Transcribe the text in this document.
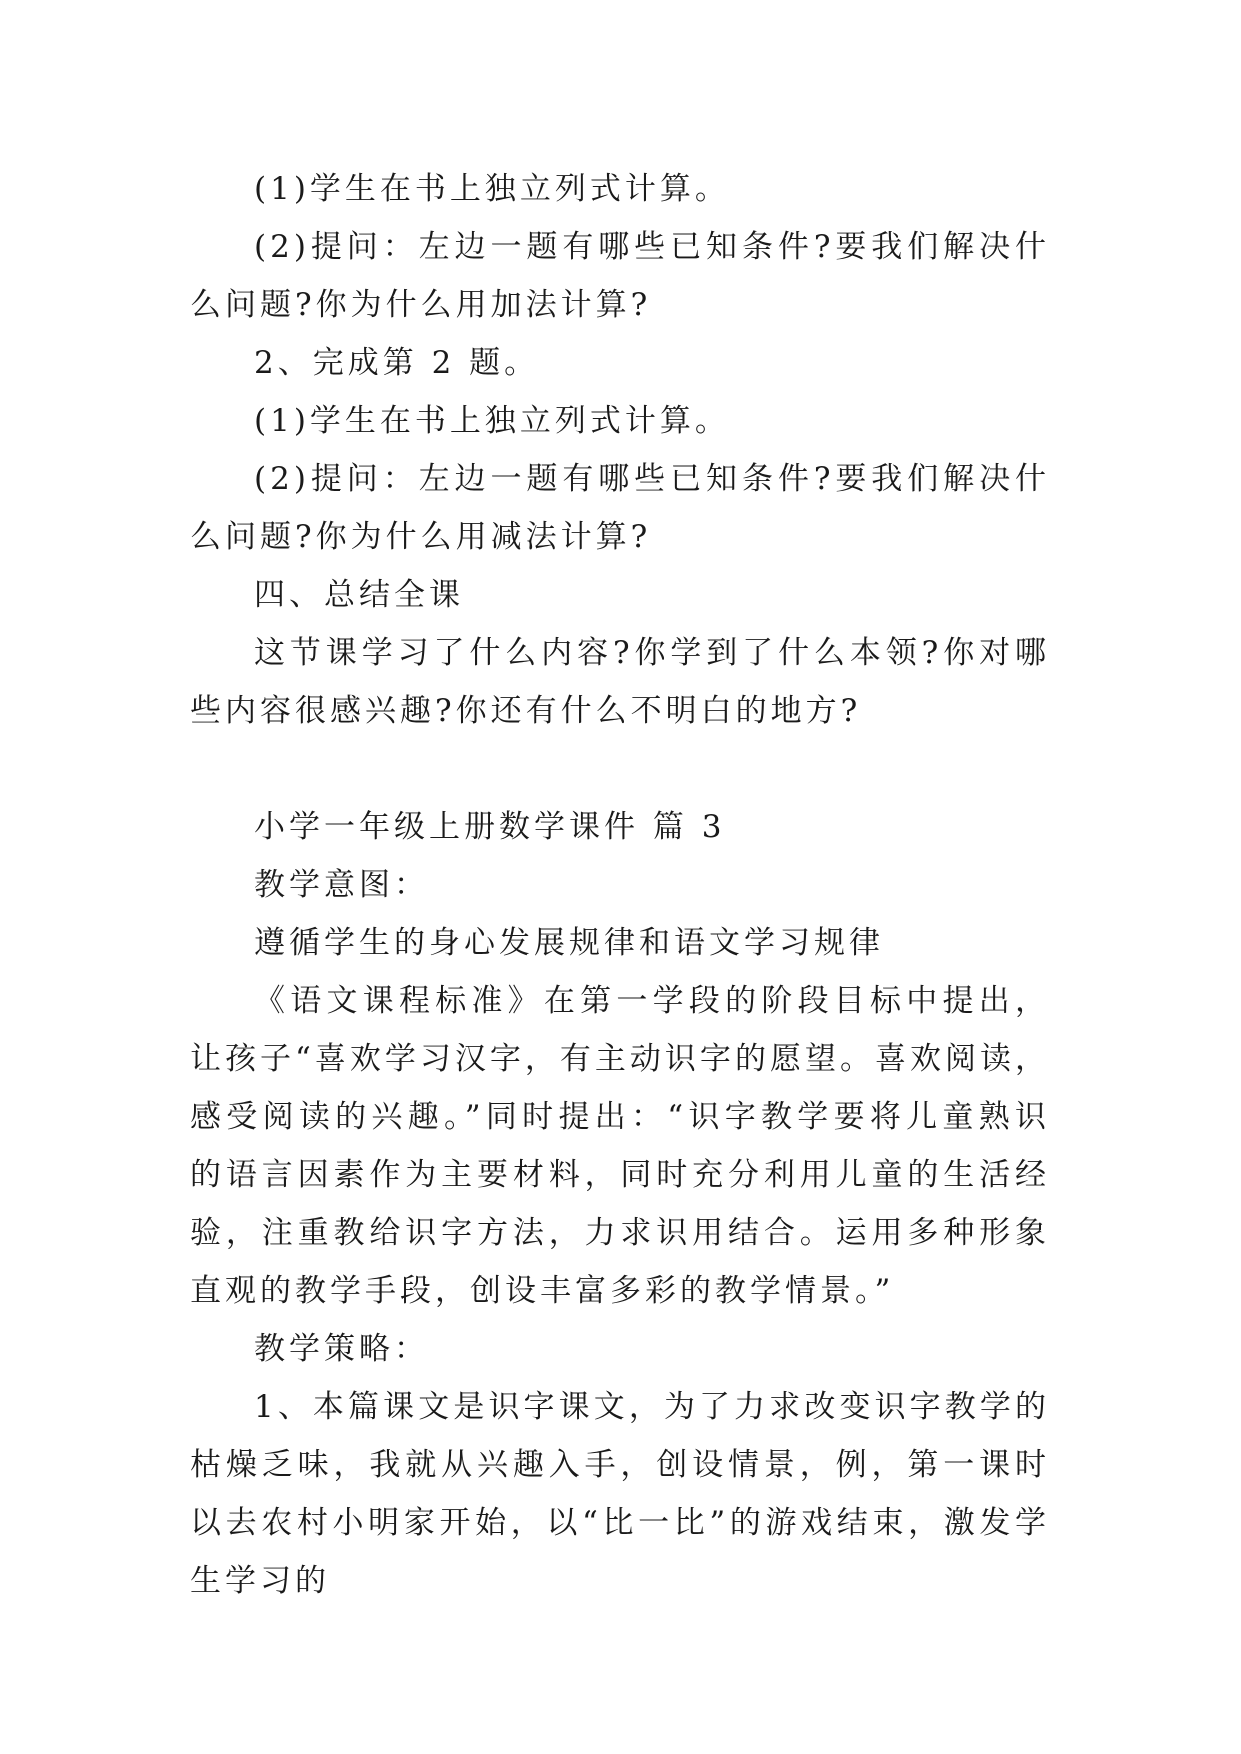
(1)学生在书上独立列式计算。

(2)提问：左边一题有哪些已知条件?要我们解决什么问题?你为什么用加法计算?

2、完成第 2 题。

(1)学生在书上独立列式计算。

(2)提问：左边一题有哪些已知条件?要我们解决什么问题?你为什么用减法计算?

四、总结全课

这节课学习了什么内容?你学到了什么本领?你对哪些内容很感兴趣?你还有什么不明白的地方?

小学一年级上册数学课件 篇 3

教学意图：

遵循学生的身心发展规律和语文学习规律

《语文课程标准》在第一学段的阶段目标中提出，让孩子“喜欢学习汉字，有主动识字的愿望。喜欢阅读，感受阅读的兴趣。”同时提出：“识字教学要将儿童熟识的语言因素作为主要材料，同时充分利用儿童的生活经验，注重教给识字方法，力求识用结合。运用多种形象直观的教学手段，创设丰富多彩的教学情景。”

教学策略：

1、本篇课文是识字课文，为了力求改变识字教学的枯燥乏味，我就从兴趣入手，创设情景，例，第一课时以去农村小明家开始，以“比一比”的游戏结束，激发学生学习的
